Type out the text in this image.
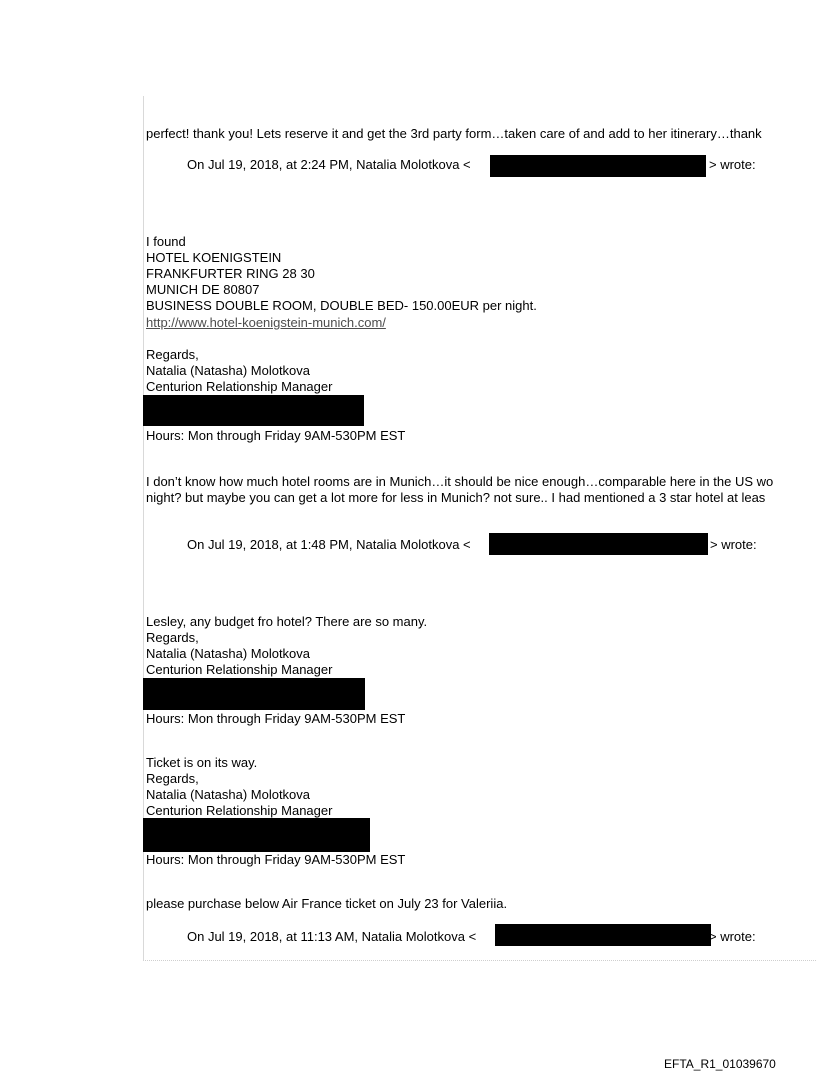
perfect! thank you! Lets reserve it and get the 3rd party form…taken care of and add to her itinerary…thank
On Jul 19, 2018, at 2:24 PM, Natalia Molotkova <	> wrote:
I found
HOTEL KOENIGSTEIN
FRANKFURTER RING 28 30
MUNICH DE 80807
BUSINESS DOUBLE ROOM, DOUBLE BED- 150.00EUR per night.
http://www.hotel-koenigstein-munich.com/
Regards,
Natalia (Natasha) Molotkova
Centurion Relationship Manager
Hours: Mon through Friday 9AM-530PM EST
I don’t know how much hotel rooms are in Munich…it should be nice enough…comparable here in the US wo
night? but maybe you can get a lot more for less in Munich? not sure.. I had mentioned a 3 star hotel at leas
On Jul 19, 2018, at 1:48 PM, Natalia Molotkova <	> wrote:
Lesley, any budget fro hotel? There are so many.
Regards,
Natalia (Natasha) Molotkova
Centurion Relationship Manager
Hours: Mon through Friday 9AM-530PM EST
Ticket is on its way.
Regards,
Natalia (Natasha) Molotkova
Centurion Relationship Manager
Hours: Mon through Friday 9AM-530PM EST
please purchase below Air France ticket on July 23 for Valeriia.
On Jul 19, 2018, at 11:13 AM, Natalia Molotkova <	> wrote:
EFTA_R1_01039670
